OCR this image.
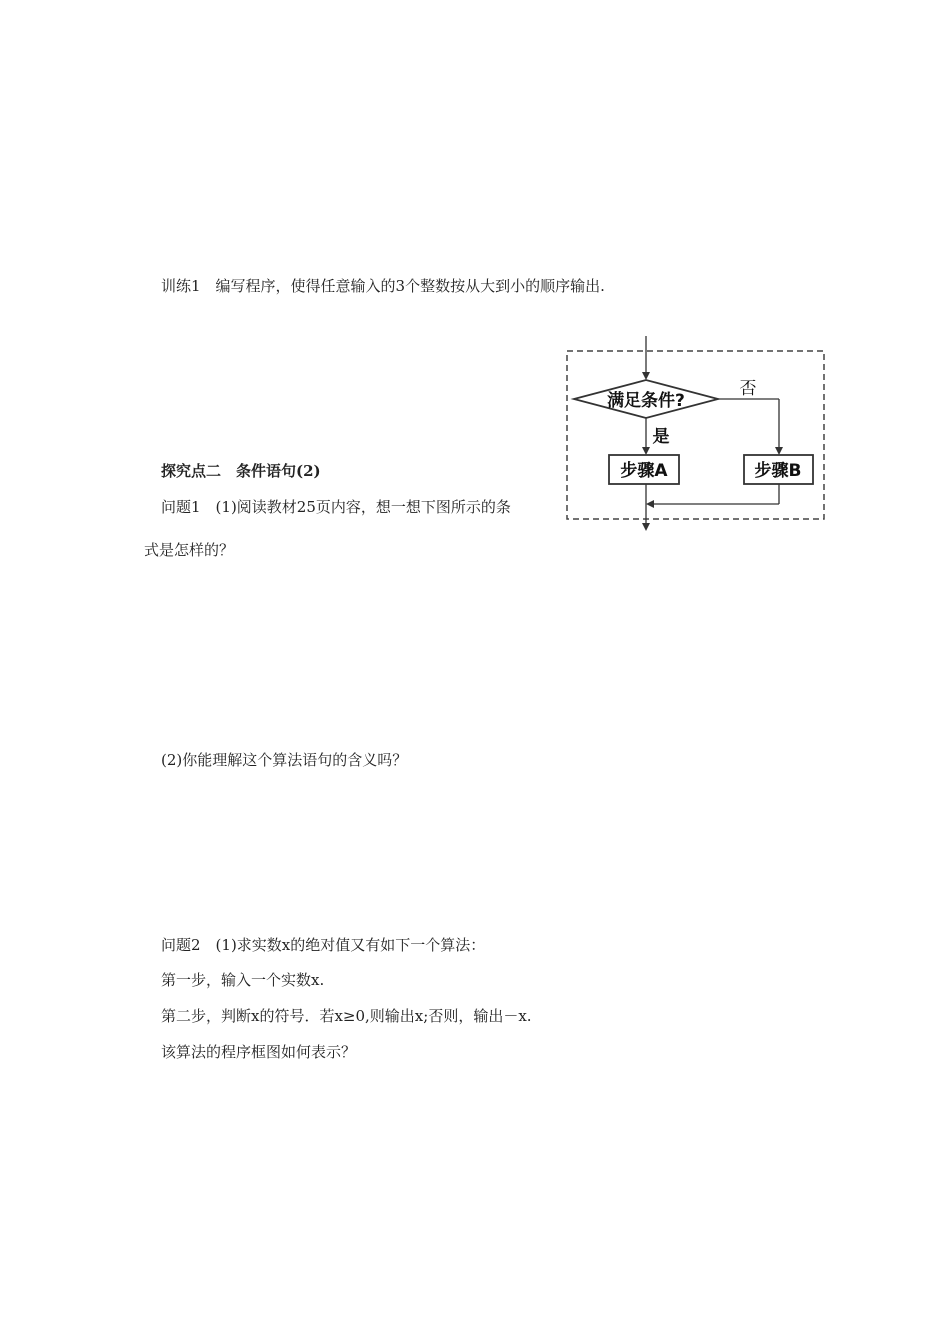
训练1　编写程序，使得任意输入的3个整数按从大到小的顺序输出.
探究点二　条件语句(2)
问题1　(1)阅读教材25页内容，想一想下图所示的条
式是怎样的？
满足条件?
否
是
步骤A	步骤B
(2)你能理解这个算法语句的含义吗？
问题2　(1)求实数x的绝对值又有如下一个算法：
第一步，输入一个实数x.
第二步，判断x的符号．若x≥0,则输出x;否则，输出－x.
该算法的程序框图如何表示？
